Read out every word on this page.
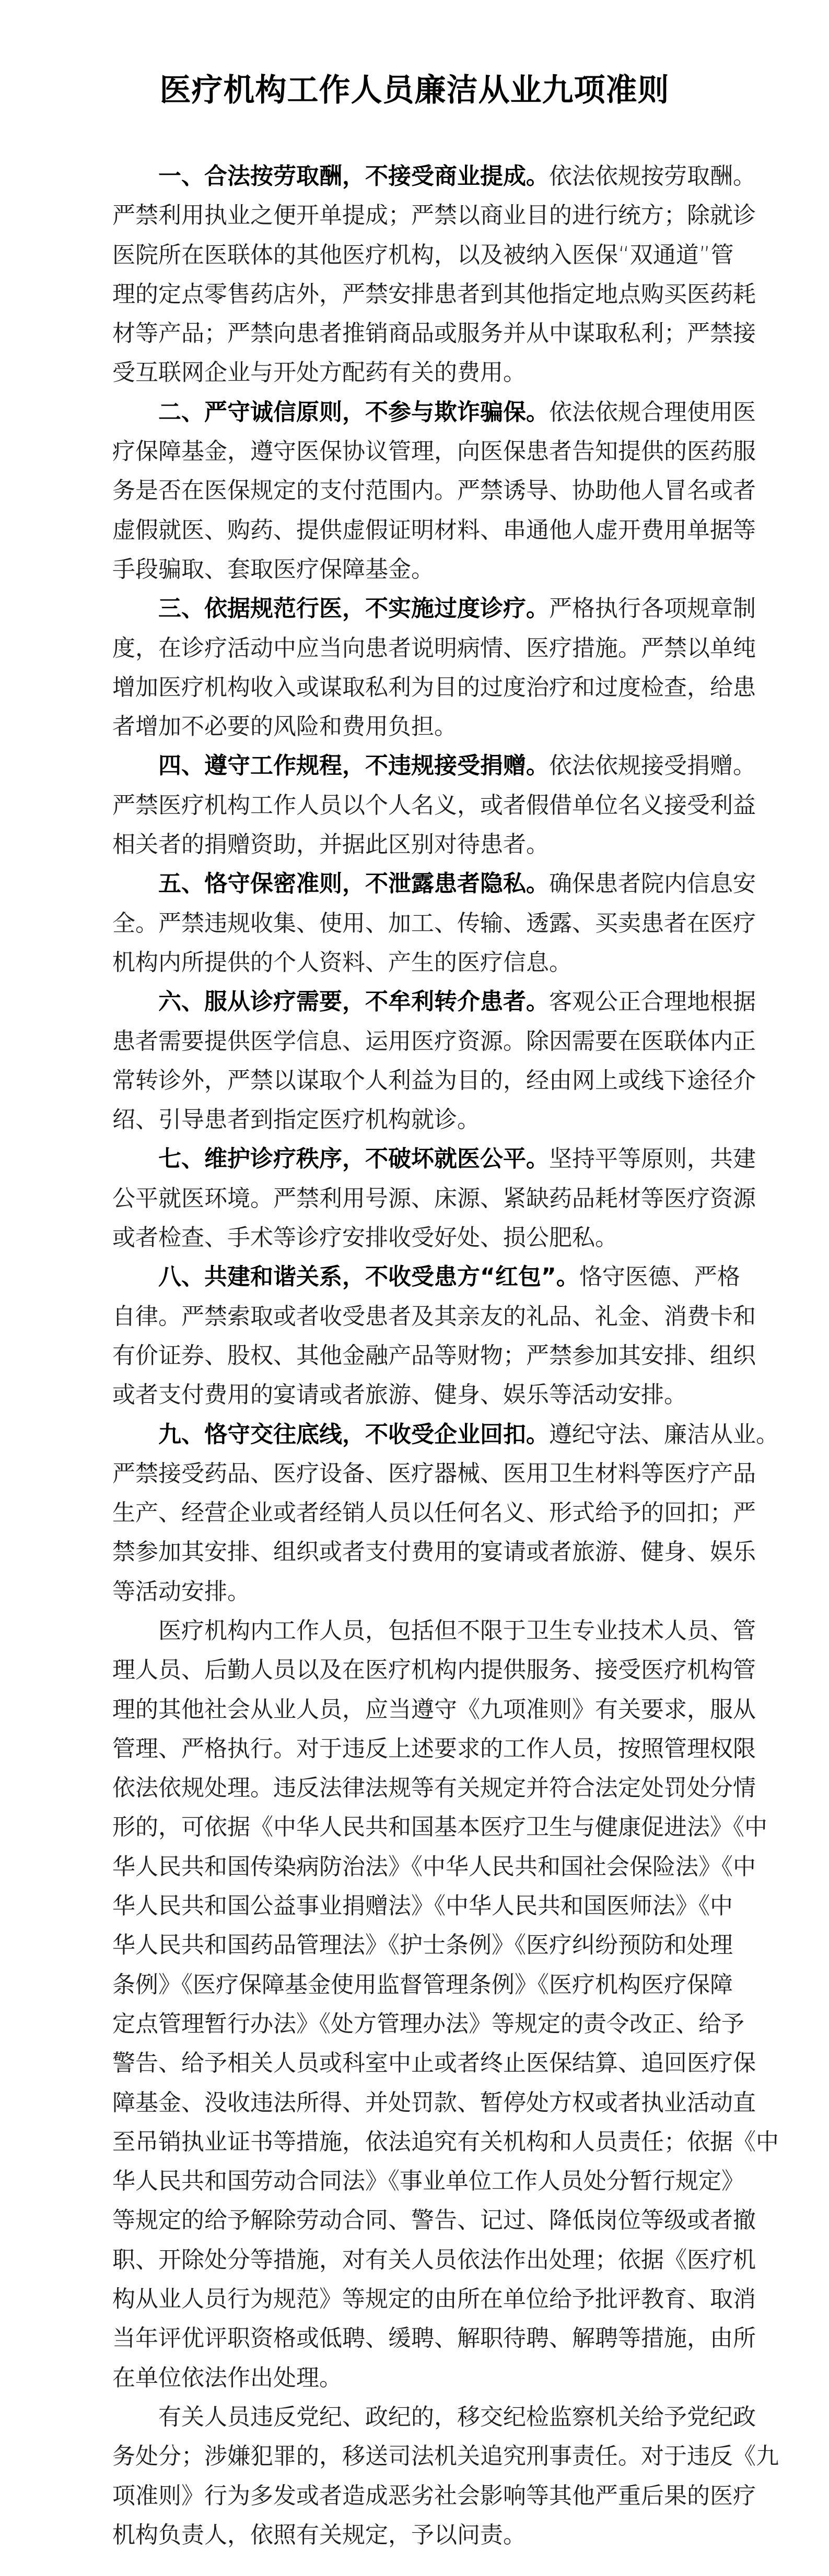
医疗机构工作人员廉洁从业九项准则
一、合法按劳取酬，不接受商业提成。依法依规按劳取酬。
严禁利用执业之便开单提成；严禁以商业目的进行统方；除就诊
医院所在医联体的其他医疗机构，以及被纳入医保“双通道”管
理的定点零售药店外，严禁安排患者到其他指定地点购买医药耗
材等产品；严禁向患者推销商品或服务并从中谋取私利；严禁接
受互联网企业与开处方配药有关的费用。
二、严守诚信原则，不参与欺诈骗保。依法依规合理使用医
疗保障基金，遵守医保协议管理，向医保患者告知提供的医药服
务是否在医保规定的支付范围内。严禁诱导、协助他人冒名或者
虚假就医、购药、提供虚假证明材料、串通他人虚开费用单据等
手段骗取、套取医疗保障基金。
三、依据规范行医，不实施过度诊疗。严格执行各项规章制
度，在诊疗活动中应当向患者说明病情、医疗措施。严禁以单纯
增加医疗机构收入或谋取私利为目的过度治疗和过度检查，给患
者增加不必要的风险和费用负担。
四、遵守工作规程，不违规接受捐赠。依法依规接受捐赠。
严禁医疗机构工作人员以个人名义，或者假借单位名义接受利益
相关者的捐赠资助，并据此区别对待患者。
五、恪守保密准则，不泄露患者隐私。确保患者院内信息安
全。严禁违规收集、使用、加工、传输、透露、买卖患者在医疗
机构内所提供的个人资料、产生的医疗信息。
六、服从诊疗需要，不牟利转介患者。客观公正合理地根据
患者需要提供医学信息、运用医疗资源。除因需要在医联体内正
常转诊外，严禁以谋取个人利益为目的，经由网上或线下途径介
绍、引导患者到指定医疗机构就诊。
七、维护诊疗秩序，不破坏就医公平。坚持平等原则，共建
公平就医环境。严禁利用号源、床源、紧缺药品耗材等医疗资源
或者检查、手术等诊疗安排收受好处、损公肥私。
八、共建和谐关系，不收受患方“红包”。恪守医德、严格
自律。严禁索取或者收受患者及其亲友的礼品、礼金、消费卡和
有价证券、股权、其他金融产品等财物；严禁参加其安排、组织
或者支付费用的宴请或者旅游、健身、娱乐等活动安排。
九、恪守交往底线，不收受企业回扣。遵纪守法、廉洁从业。
严禁接受药品、医疗设备、医疗器械、医用卫生材料等医疗产品
生产、经营企业或者经销人员以任何名义、形式给予的回扣；严
禁参加其安排、组织或者支付费用的宴请或者旅游、健身、娱乐
等活动安排。
医疗机构内工作人员，包括但不限于卫生专业技术人员、管
理人员、后勤人员以及在医疗机构内提供服务、接受医疗机构管
理的其他社会从业人员，应当遵守《九项准则》有关要求，服从
管理、严格执行。对于违反上述要求的工作人员，按照管理权限
依法依规处理。违反法律法规等有关规定并符合法定处罚处分情
形的，可依据《中华人民共和国基本医疗卫生与健康促进法》《中
华人民共和国传染病防治法》《中华人民共和国社会保险法》《中
华人民共和国公益事业捐赠法》《中华人民共和国医师法》《中
华人民共和国药品管理法》《护士条例》《医疗纠纷预防和处理
条例》《医疗保障基金使用监督管理条例》《医疗机构医疗保障
定点管理暂行办法》《处方管理办法》等规定的责令改正、给予
警告、给予相关人员或科室中止或者终止医保结算、追回医疗保
障基金、没收违法所得、并处罚款、暂停处方权或者执业活动直
至吊销执业证书等措施，依法追究有关机构和人员责任；依据《中
华人民共和国劳动合同法》《事业单位工作人员处分暂行规定》
等规定的给予解除劳动合同、警告、记过、降低岗位等级或者撤
职、开除处分等措施，对有关人员依法作出处理；依据《医疗机
构从业人员行为规范》等规定的由所在单位给予批评教育、取消
当年评优评职资格或低聘、缓聘、解职待聘、解聘等措施，由所
在单位依法作出处理。
有关人员违反党纪、政纪的，移交纪检监察机关给予党纪政
务处分；涉嫌犯罪的，移送司法机关追究刑事责任。对于违反《九
项准则》行为多发或者造成恶劣社会影响等其他严重后果的医疗
机构负责人，依照有关规定，予以问责。
